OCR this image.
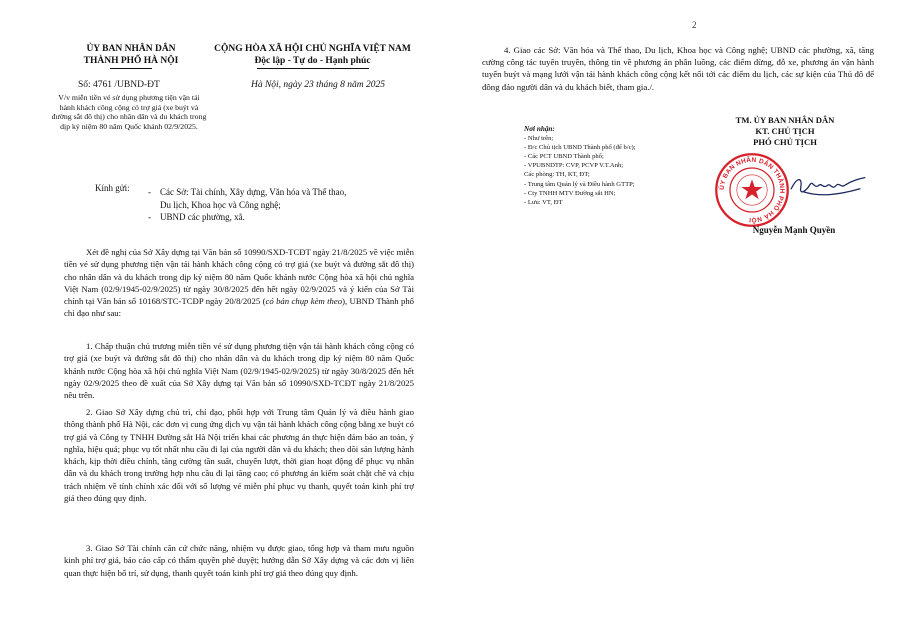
ỦY BAN NHÂN DÂN
THÀNH PHỐ HÀ NỘI
CỘNG HÒA XÃ HỘI CHỦ NGHĨA VIỆT NAM
Độc lập - Tự do - Hạnh phúc
Số: 4761 /UBND-ĐT
V/v miễn tiền vé sử dụng phương tiện vận tải hành khách công cộng có trợ giá (xe buýt và đường sắt đô thị) cho nhân dân và du khách trong dịp kỷ niệm 80 năm Quốc khánh 02/9/2025.
Hà Nội, ngày 23 tháng 8 năm 2025
Kính gửi: -	Các Sở: Tài chính, Xây dựng, Văn hóa và Thể thao,
Du lịch, Khoa học và Công nghệ;
-	UBND các phường, xã.
Xét đề nghị của Sở Xây dựng tại Văn bản số 10990/SXD-TCĐT ngày 21/8/2025 về việc miễn tiền vé sử dụng phương tiện vận tải hành khách công cộng có trợ giá (xe buýt và đường sắt đô thị) cho nhân dân và du khách trong dịp kỷ niệm 80 năm Quốc khánh nước Cộng hòa xã hội chủ nghĩa Việt Nam (02/9/1945-02/9/2025) từ ngày 30/8/2025 đến hết ngày 02/9/2025 và ý kiến của Sở Tài chính tại Văn bản số 10168/STC-TCĐP ngày 20/8/2025 (có bản chụp kèm theo), UBND Thành phố chỉ đạo như sau:
1. Chấp thuận chủ trương miễn tiền vé sử dụng phương tiện vận tải hành khách công cộng có trợ giá (xe buýt và đường sắt đô thị) cho nhân dân và du khách trong dịp kỷ niệm 80 năm Quốc khánh nước Cộng hòa xã hội chủ nghĩa Việt Nam (02/9/1945-02/9/2025) từ ngày 30/8/2025 đến hết ngày 02/9/2025 theo đề xuất của Sở Xây dựng tại Văn bản số 10990/SXD-TCĐT ngày 21/8/2025 nêu trên.
2. Giao Sở Xây dựng chủ trì, chỉ đạo, phối hợp với Trung tâm Quản lý và điều hành giao thông thành phố Hà Nội, các đơn vị cung ứng dịch vụ vận tải hành khách công cộng bằng xe buýt có trợ giá và Công ty TNHH Đường sắt Hà Nội triển khai các phương án thực hiện đảm bảo an toàn, ý nghĩa, hiệu quả; phục vụ tốt nhất nhu cầu đi lại của người dân và du khách; theo dõi sản lượng hành khách, kịp thời điều chỉnh, tăng cường tần suất, chuyến lượt, thời gian hoạt động để phục vụ nhân dân và du khách trong trường hợp nhu cầu đi lại tăng cao; có phương án kiểm soát chặt chẽ và chịu trách nhiệm về tính chính xác đối với số lượng vé miễn phí phục vụ thanh, quyết toán kinh phí trợ giá theo đúng quy định.
3. Giao Sở Tài chính căn cứ chức năng, nhiệm vụ được giao, tổng hợp và tham mưu nguồn kinh phí trợ giá, báo cáo cấp có thẩm quyền phê duyệt; hướng dẫn Sở Xây dựng và các đơn vị liên quan thực hiện bố trí, sử dụng, thanh quyết toán kinh phí trợ giá theo đúng quy định.
2
4. Giao các Sở: Văn hóa và Thể thao, Du lịch, Khoa học và Công nghệ; UBND các phường, xã, tăng cường công tác tuyên truyền, thông tin về phương án phân luồng, các điểm dừng, đỗ xe, phương án vận hành tuyến buýt và mạng lưới vận tải hành khách công cộng kết nối tới các điểm du lịch, các sự kiện của Thủ đô để đông đảo người dân và du khách biết, tham gia./.
Nơi nhận:
- Như trên;
- Đ/c Chủ tịch UBND Thành phố (để b/c);
- Các PCT UBND Thành phố;
- VPUBNDTP: CVP, PCVP V.T.Anh;
Các phòng: TH, KT, ĐT;
- Trung tâm Quản lý và Điều hành GTTP;
- Cty TNHH MTV Đường sắt HN;
- Lưu: VT, ĐT
TM. ỦY BAN NHÂN DÂN
KT. CHỦ TỊCH
PHÓ CHỦ TỊCH
ỦY BAN NHÂN DÂN THÀNH PHỐ HÀ NỘI
Nguyễn Mạnh Quyền
